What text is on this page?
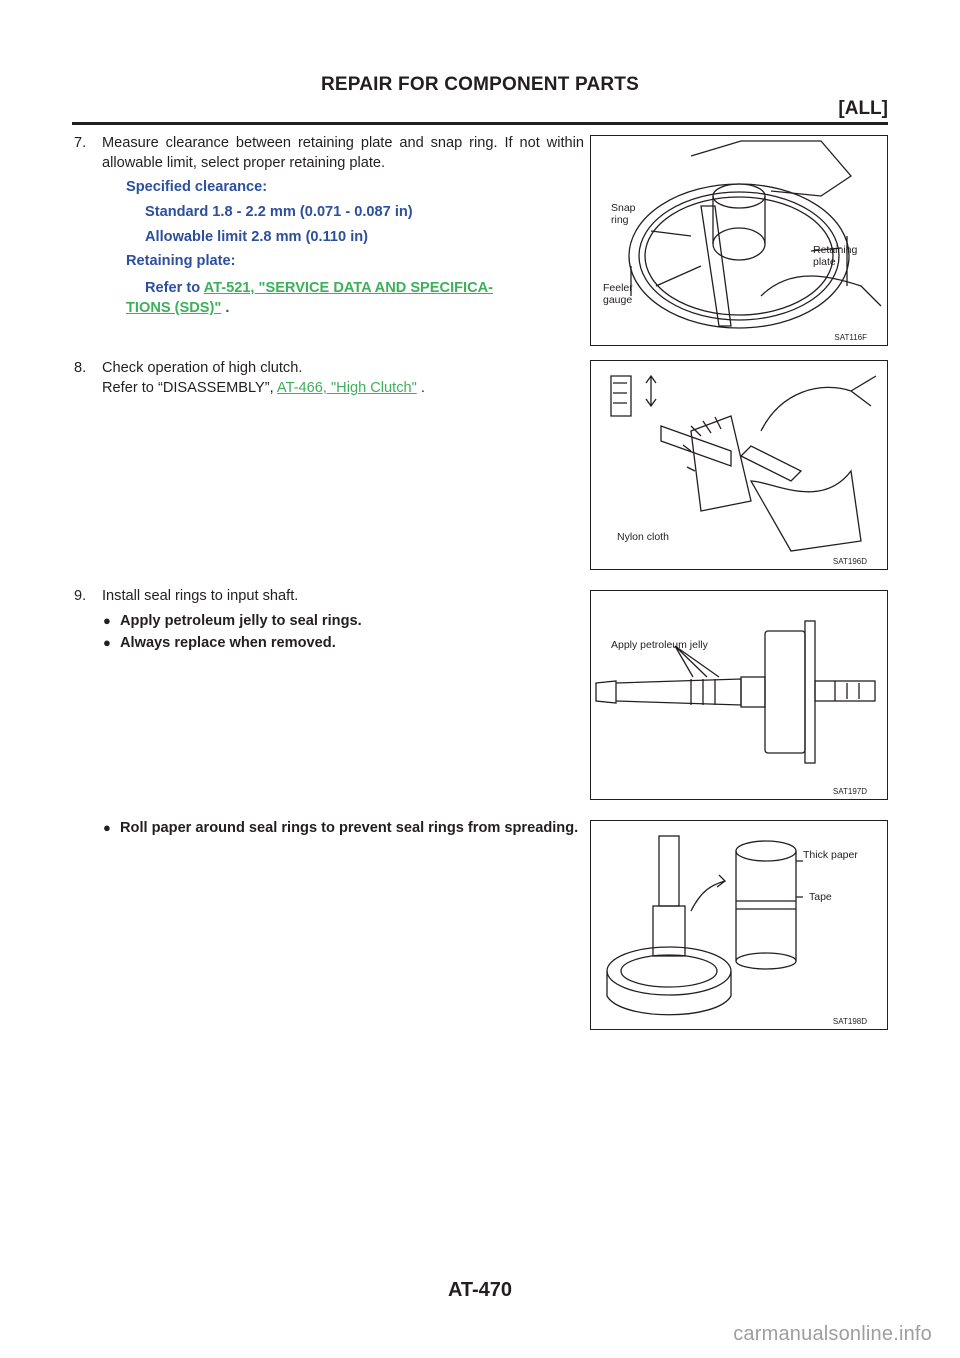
REPAIR FOR COMPONENT PARTS
[ALL]
7. Measure clearance between retaining plate and snap ring. If not within allowable limit, select proper retaining plate.
Specified clearance:
Standard 1.8 - 2.2 mm (0.071 - 0.087 in)
Allowable limit 2.8 mm (0.110 in)
Retaining plate:
Refer to AT-521, "SERVICE DATA AND SPECIFICA-
TIONS (SDS)" .
8. Check operation of high clutch.
Refer to “DISASSEMBLY”, AT-466, "High Clutch" .
9. Install seal rings to input shaft.
● Apply petroleum jelly to seal rings.
● Always replace when removed.
● Roll paper around seal rings to prevent seal rings from spreading.
Snap
ring
Feeler
gauge
Retaining
plate
SAT116F
Nylon cloth
SAT196D
Apply petroleum jelly
SAT197D
Thick paper
Tape
SAT198D
AT-470
carmanualsonline.info
